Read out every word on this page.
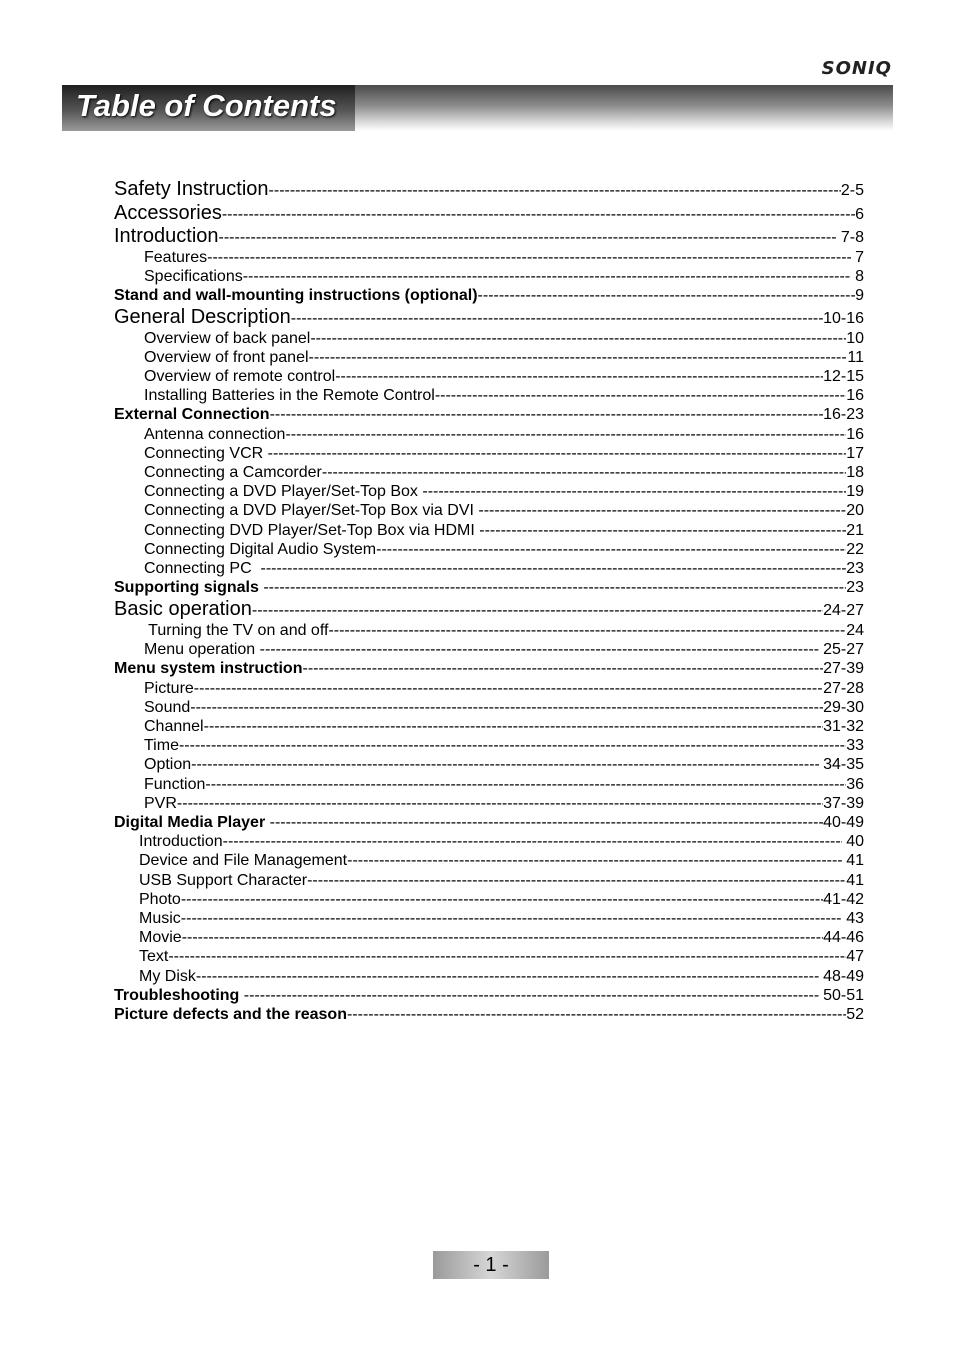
SONIQ
Table of Contents
Safety Instruction -----	2-5
Accessories -----	6
Introduction -----	7-8
Features -----	7
Specifications -----	8
Stand and wall-mounting instructions (optional) -----	9
General Description -----	10-16
Overview of back panel -----	10
Overview of front panel -----	11
Overview of remote control -----	12-15
Installing Batteries in the Remote Control -----	16
External Connection -----	16-23
Antenna connection -----	16
Connecting VCR -----	17
Connecting a Camcorder -----	18
Connecting a DVD Player/Set-Top Box -----	19
Connecting a DVD Player/Set-Top Box via DVI -----	20
Connecting DVD Player/Set-Top Box via HDMI -----	21
Connecting Digital Audio System -----	22
Connecting PC -----	23
Supporting signals -----	23
Basic operation -----	24-27
Turning the TV on and off -----	24
Menu operation -----	25-27
Menu system instruction -----	27-39
Picture -----	27-28
Sound -----	29-30
Channel -----	31-32
Time -----	33
Option -----	34-35
Function -----	36
PVR -----	37-39
Digital Media Player -----	40-49
Introduction -----	40
Device and File Management -----	41
USB Support Character -----	41
Photo -----	41-42
Music -----	43
Movie -----	44-46
Text -----	47
My Disk -----	48-49
Troubleshooting -----	50-51
Picture defects and the reason -----	52
- 1 -
